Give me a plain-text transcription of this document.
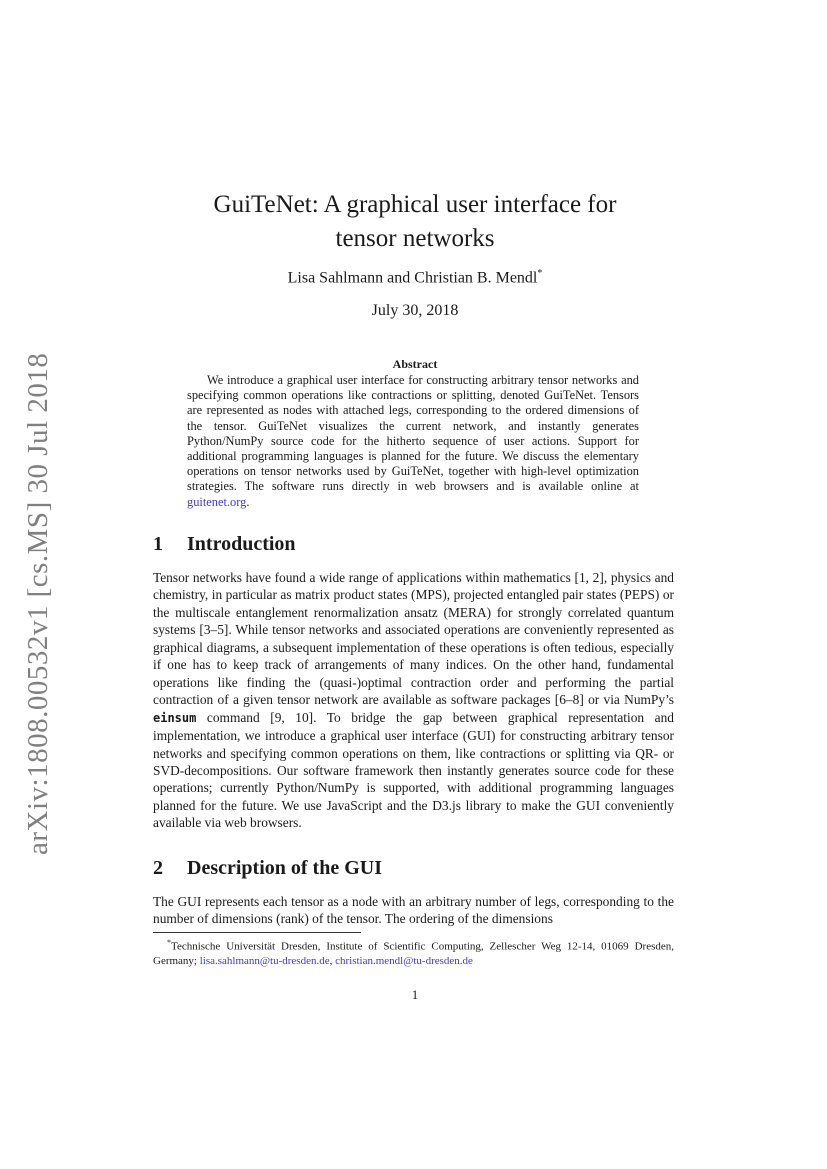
arXiv:1808.00532v1 [cs.MS] 30 Jul 2018
GuiTeNet: A graphical user interface for
tensor networks
Lisa Sahlmann and Christian B. Mendl*
July 30, 2018
Abstract
We introduce a graphical user interface for constructing arbitrary tensor networks and specifying common operations like contractions or splitting, denoted GuiTeNet. Tensors are represented as nodes with attached legs, corresponding to the ordered dimensions of the tensor. GuiTeNet visualizes the current network, and instantly generates Python/NumPy source code for the hitherto sequence of user actions. Support for additional programming languages is planned for the future. We discuss the elementary operations on tensor networks used by GuiTeNet, together with high-level optimization strategies. The software runs directly in web browsers and is available online at guitenet.org.
1 Introduction
Tensor networks have found a wide range of applications within mathematics [1, 2], physics and chemistry, in particular as matrix product states (MPS), projected entangled pair states (PEPS) or the multiscale entanglement renormalization ansatz (MERA) for strongly correlated quantum systems [3–5]. While tensor networks and associated operations are conveniently represented as graphical diagrams, a subsequent implementation of these operations is often tedious, especially if one has to keep track of arrangements of many indices. On the other hand, fundamental operations like finding the (quasi-)optimal contraction order and performing the partial contraction of a given tensor network are available as software packages [6–8] or via NumPy’s einsum command [9, 10]. To bridge the gap between graphical representation and implementation, we introduce a graphical user interface (GUI) for constructing arbitrary tensor networks and specifying common operations on them, like contractions or splitting via QR- or SVD-decompositions. Our software framework then instantly generates source code for these operations; currently Python/NumPy is supported, with additional programming languages planned for the future. We use JavaScript and the D3.js library to make the GUI conveniently available via web browsers.
2 Description of the GUI
The GUI represents each tensor as a node with an arbitrary number of legs, corresponding to the number of dimensions (rank) of the tensor. The ordering of the dimensions
*Technische Universität Dresden, Institute of Scientific Computing, Zellescher Weg 12-14, 01069 Dresden, Germany; lisa.sahlmann@tu-dresden.de, christian.mendl@tu-dresden.de
1
